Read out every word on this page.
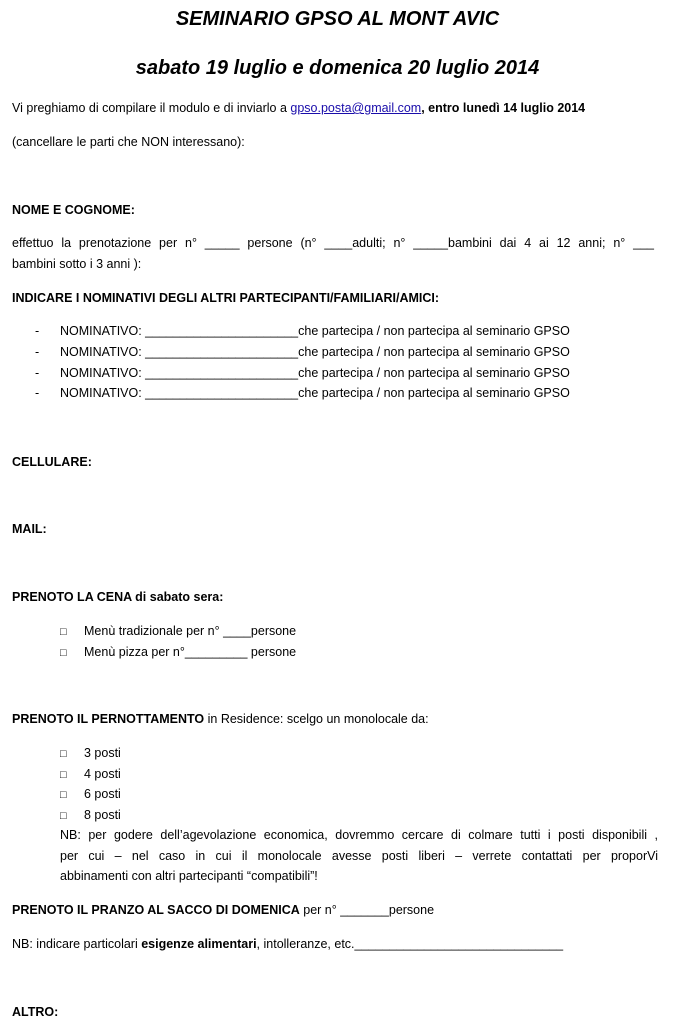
SEMINARIO GPSO AL MONT AVIC
sabato 19 luglio e domenica 20 luglio 2014
Vi preghiamo di compilare il modulo e di inviarlo a gpso.posta@gmail.com, entro lunedì 14 luglio 2014
(cancellare le parti che NON interessano):
NOME E COGNOME:
effettuo la prenotazione per n° _____ persone (n° ____adulti; n° _____bambini dai 4 ai 12 anni; n° ___
bambini sotto i 3 anni ):
INDICARE I NOMINATIVI DEGLI ALTRI PARTECIPANTI/FAMILIARI/AMICI:
- NOMINATIVO: ______________________che partecipa / non partecipa al seminario GPSO
- NOMINATIVO: ______________________che partecipa / non partecipa al seminario GPSO
- NOMINATIVO: ______________________che partecipa / non partecipa al seminario GPSO
- NOMINATIVO: ______________________che partecipa / non partecipa al seminario GPSO
CELLULARE:
MAIL:
PRENOTO LA CENA di sabato sera:
□ Menù tradizionale per n° ____persone
□ Menù pizza per n°_________ persone
PRENOTO IL PERNOTTAMENTO in Residence: scelgo un monolocale da:
□ 3 posti
□ 4 posti
□ 6 posti
□ 8 posti
NB: per godere dell’agevolazione economica, dovremmo cercare di colmare tutti i posti disponibili ,
per cui – nel caso in cui il monolocale avesse posti liberi – verrete contattati per proporVi
abbinamenti con altri partecipanti “compatibili”!
PRENOTO IL PRANZO AL SACCO DI DOMENICA per n° _______persone
NB: indicare particolari esigenze alimentari, intolleranze, etc.______________________________
ALTRO:
